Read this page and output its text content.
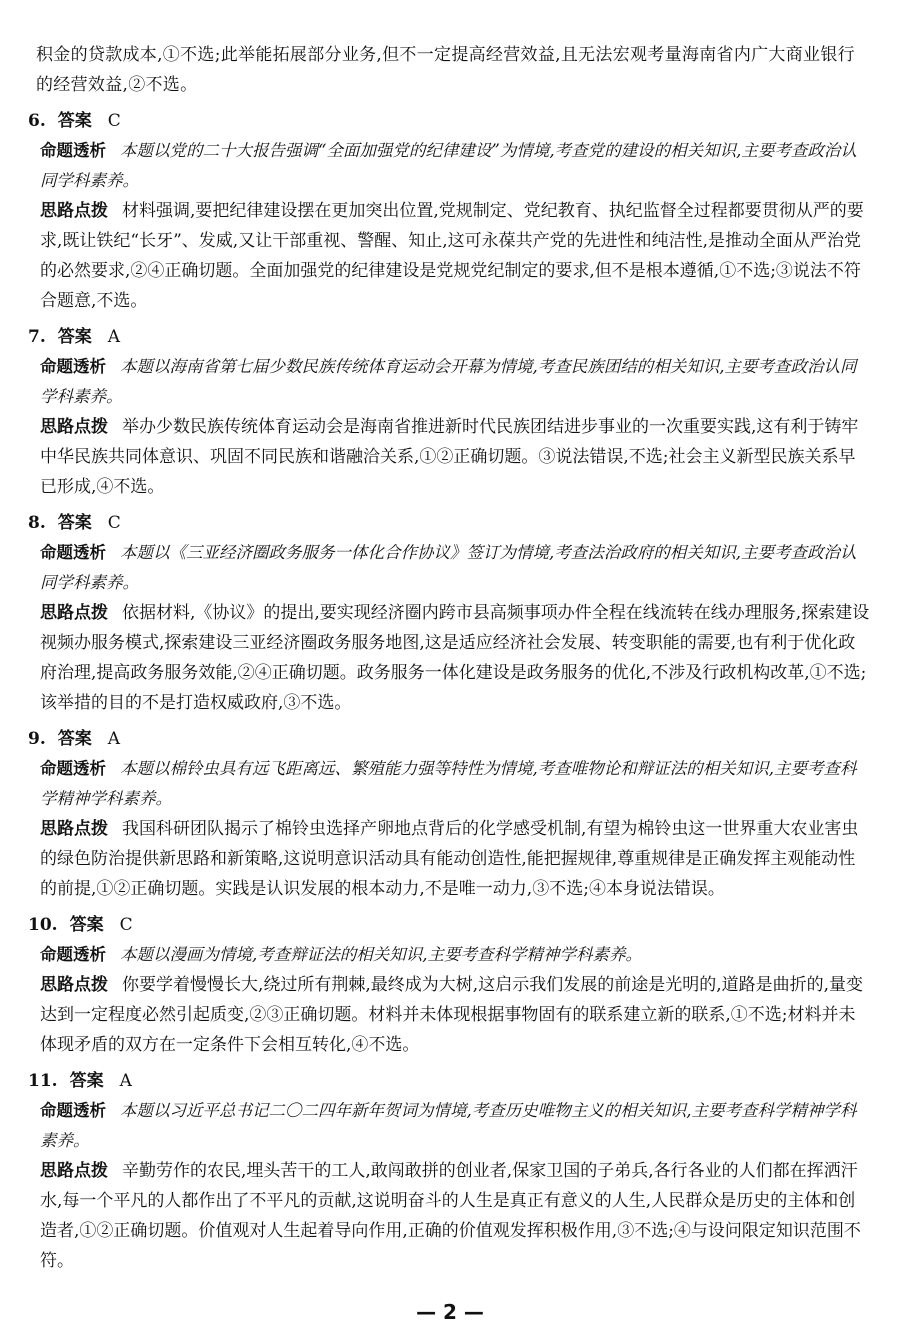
积金的贷款成本,①不选;此举能拓展部分业务,但不一定提高经营效益,且无法宏观考量海南省内广大商业银行的经营效益,②不选。

6. 答案 C

命题透析 本题以党的二十大报告强调“全面加强党的纪律建设”为情境,考查党的建设的相关知识,主要考查政治认同学科素养。

思路点拨 材料强调,要把纪律建设摆在更加突出位置,党规制定、党纪教育、执纪监督全过程都要贯彻从严的要求,既让铁纪“长牙”、发威,又让干部重视、警醒、知止,这可永葆共产党的先进性和纯洁性,是推动全面从严治党的必然要求,②④正确切题。全面加强党的纪律建设是党规党纪制定的要求,但不是根本遵循,①不选;③说法不符合题意,不选。

7. 答案 A

命题透析 本题以海南省第七届少数民族传统体育运动会开幕为情境,考查民族团结的相关知识,主要考查政治认同学科素养。

思路点拨 举办少数民族传统体育运动会是海南省推进新时代民族团结进步事业的一次重要实践,这有利于铸牢中华民族共同体意识、巩固不同民族和谐融洽关系,①②正确切题。③说法错误,不选;社会主义新型民族关系早已形成,④不选。

8. 答案 C

命题透析 本题以《三亚经济圈政务服务一体化合作协议》签订为情境,考查法治政府的相关知识,主要考查政治认同学科素养。

思路点拨 依据材料,《协议》的提出,要实现经济圈内跨市县高频事项办件全程在线流转在线办理服务,探索建设视频办服务模式,探索建设三亚经济圈政务服务地图,这是适应经济社会发展、转变职能的需要,也有利于优化政府治理,提高政务服务效能,②④正确切题。政务服务一体化建设是政务服务的优化,不涉及行政机构改革,①不选;该举措的目的不是打造权威政府,③不选。

9. 答案 A

命题透析 本题以棉铃虫具有远飞距离远、繁殖能力强等特性为情境,考查唯物论和辩证法的相关知识,主要考查科学精神学科素养。

思路点拨 我国科研团队揭示了棉铃虫选择产卵地点背后的化学感受机制,有望为棉铃虫这一世界重大农业害虫的绿色防治提供新思路和新策略,这说明意识活动具有能动创造性,能把握规律,尊重规律是正确发挥主观能动性的前提,①②正确切题。实践是认识发展的根本动力,不是唯一动力,③不选;④本身说法错误。

10. 答案 C

命题透析 本题以漫画为情境,考查辩证法的相关知识,主要考查科学精神学科素养。

思路点拨 你要学着慢慢长大,绕过所有荆棘,最终成为大树,这启示我们发展的前途是光明的,道路是曲折的,量变达到一定程度必然引起质变,②③正确切题。材料并未体现根据事物固有的联系建立新的联系,①不选;材料并未体现矛盾的双方在一定条件下会相互转化,④不选。

11. 答案 A

命题透析 本题以习近平总书记二〇二四年新年贺词为情境,考查历史唯物主义的相关知识,主要考查科学精神学科素养。

思路点拨 辛勤劳作的农民,埋头苦干的工人,敢闯敢拼的创业者,保家卫国的子弟兵,各行各业的人们都在挥洒汗水,每一个平凡的人都作出了不平凡的贡献,这说明奋斗的人生是真正有意义的人生,人民群众是历史的主体和创造者,①②正确切题。价值观对人生起着导向作用,正确的价值观发挥积极作用,③不选;④与设问限定知识范围不符。

— 2 —
